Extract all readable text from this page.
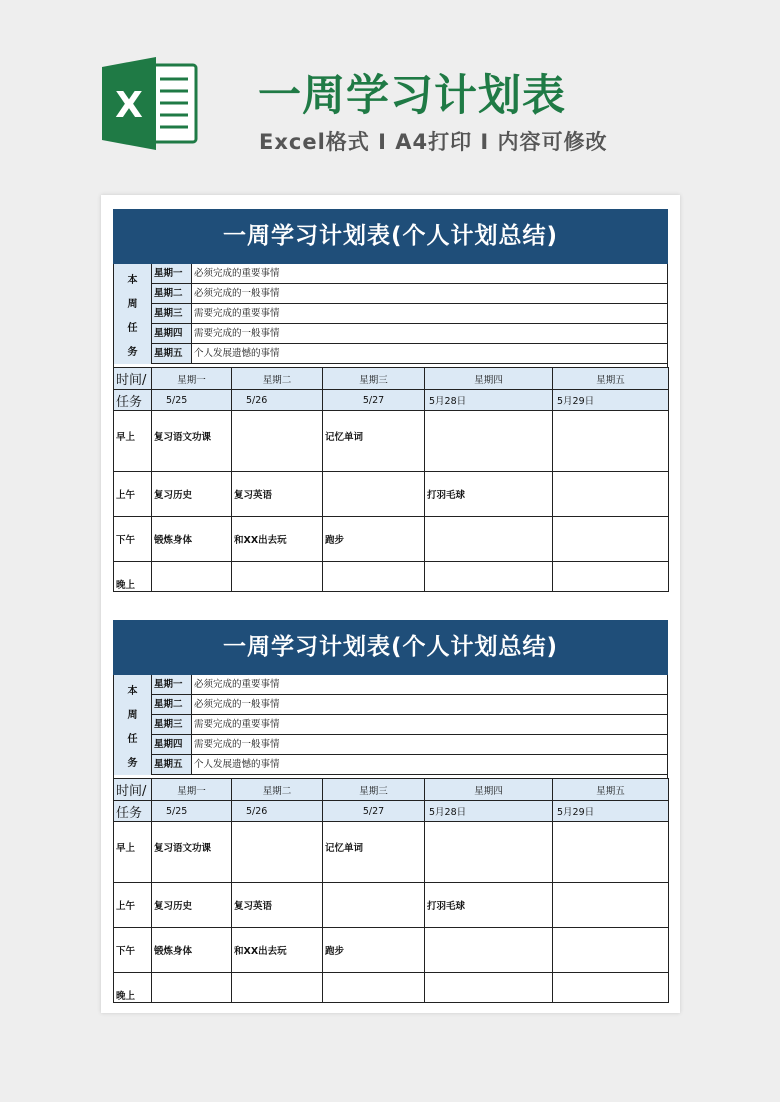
X	一周学习计划表
Excel格式 I A4打印 I 内容可修改
一周学习计划表(个人计划总结)
本
周
任
务
星期一	必须完成的重要事情
星期二	必须完成的一般事情
星期三	需要完成的重要事情
星期四	需要完成的一般事情
星期五	个人发展遗憾的事情
时间/	星期一	星期二	星期三	星期四	星期五
任务	5/25	5/26	5/27	5月28日	5月29日
早上	复习语文功课		记忆单词		
上午	复习历史	复习英语		打羽毛球	
下午	锻炼身体	和XX出去玩	跑步		
晚上					
一周学习计划表(个人计划总结)
本
周
任
务
星期一	必须完成的重要事情
星期二	必须完成的一般事情
星期三	需要完成的重要事情
星期四	需要完成的一般事情
星期五	个人发展遗憾的事情
时间/	星期一	星期二	星期三	星期四	星期五
任务	5/25	5/26	5/27	5月28日	5月29日
早上	复习语文功课		记忆单词		
上午	复习历史	复习英语		打羽毛球	
下午	锻炼身体	和XX出去玩	跑步		
晚上					
